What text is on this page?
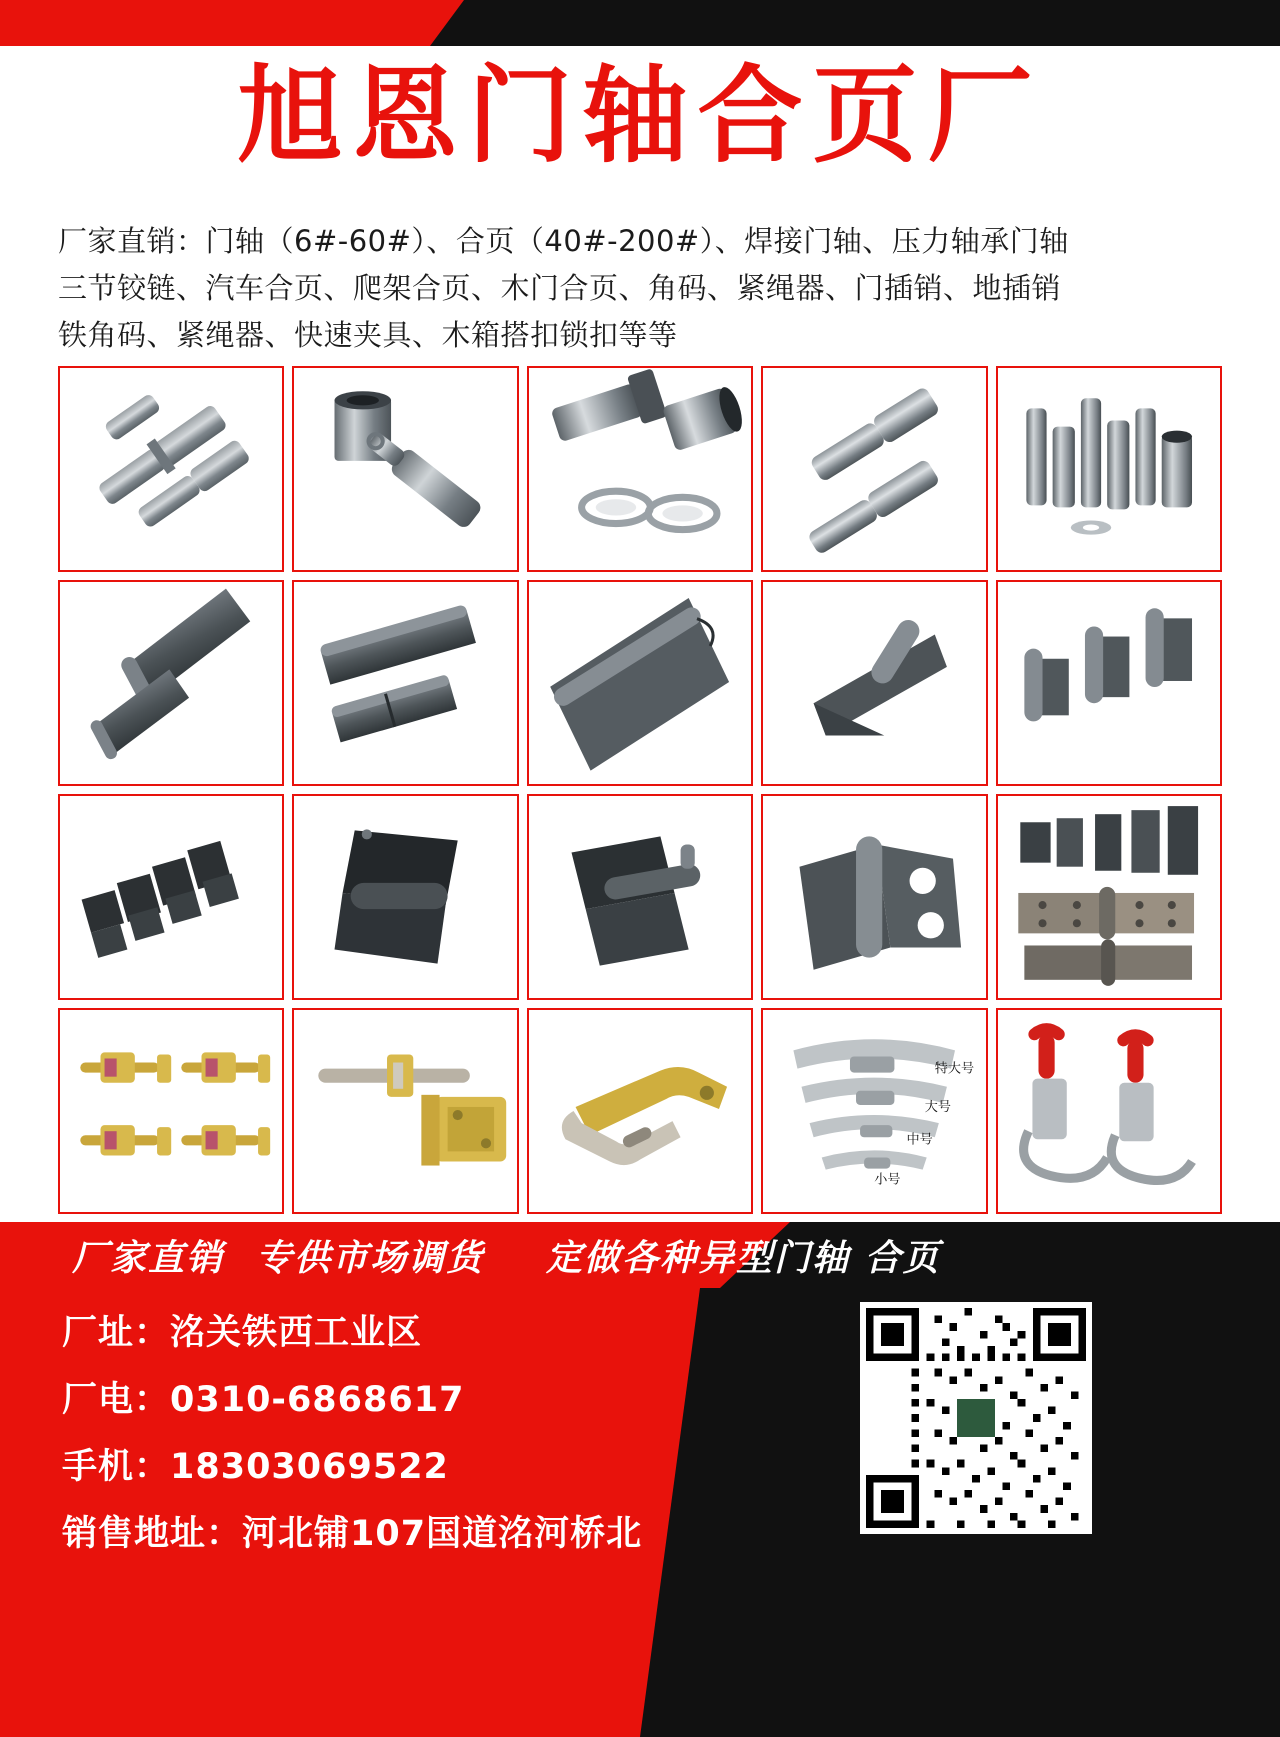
旭恩门轴合页厂
厂家直销：门轴（6#-60#）、合页（40#-200#）、焊接门轴、压力轴承门轴
三节铰链、汽车合页、爬架合页、木门合页、角码、紧绳器、门插销、地插销
铁角码、紧绳器、快速夹具、木箱搭扣锁扣等等
特大号
大号
中号
小号
厂家直销 专供市场调货 定做各种异型门轴 合页
厂址：洺关铁西工业区
厂电：0310-6868617
手机：18303069522
销售地址：河北铺107国道洺河桥北
